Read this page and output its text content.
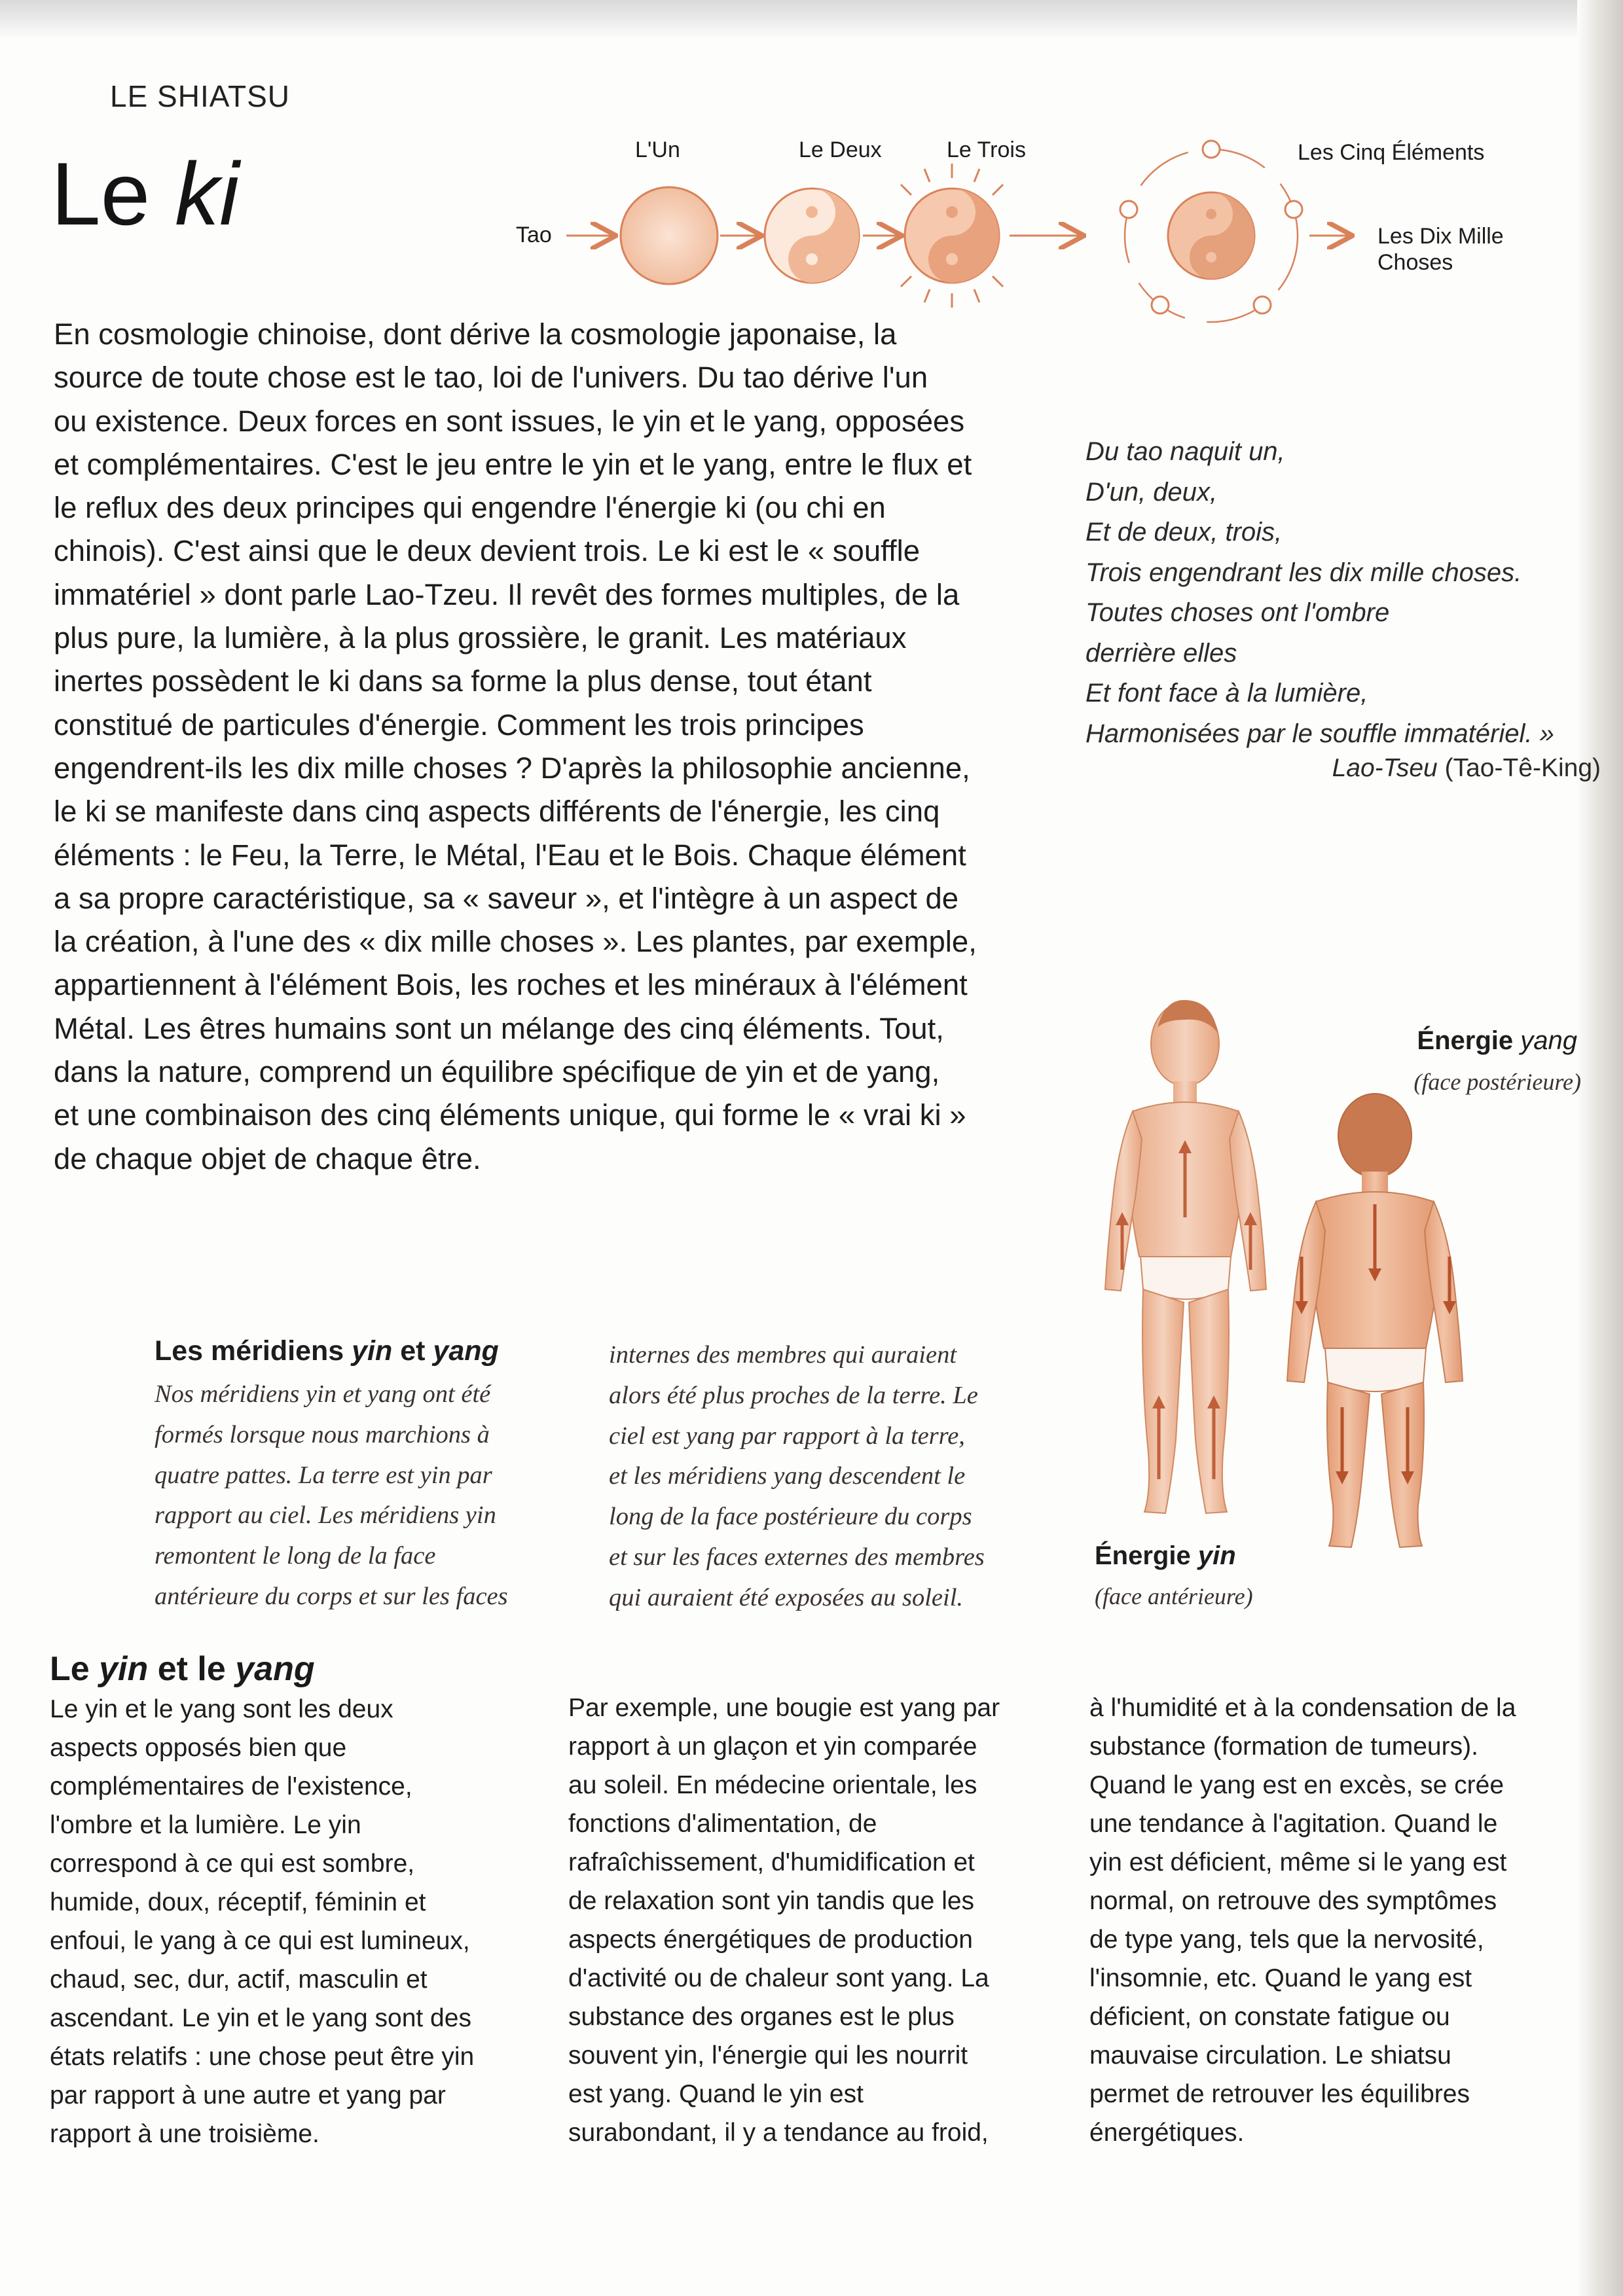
LE SHIATSU
Le ki	Tao
L'Un	Le Deux	Le Trois	Les Cinq Éléments
Les Dix Mille
Choses
En cosmologie chinoise, dont dérive la cosmologie japonaise, la
source de toute chose est le tao, loi de l'univers. Du tao dérive l'un
ou existence. Deux forces en sont issues, le yin et le yang, opposées
et complémentaires. C'est le jeu entre le yin et le yang, entre le flux et
le reflux des deux principes qui engendre l'énergie ki (ou chi en
chinois). C'est ainsi que le deux devient trois. Le ki est le « souffle
immatériel » dont parle Lao-Tzeu. Il revêt des formes multiples, de la
plus pure, la lumière, à la plus grossière, le granit. Les matériaux
inertes possèdent le ki dans sa forme la plus dense, tout étant
constitué de particules d'énergie. Comment les trois principes
engendrent-ils les dix mille choses ? D'après la philosophie ancienne,
le ki se manifeste dans cinq aspects différents de l'énergie, les cinq
éléments : le Feu, la Terre, le Métal, l'Eau et le Bois. Chaque élément
a sa propre caractéristique, sa « saveur », et l'intègre à un aspect de
la création, à l'une des « dix mille choses ». Les plantes, par exemple,
appartiennent à l'élément Bois, les roches et les minéraux à l'élément
Métal. Les êtres humains sont un mélange des cinq éléments. Tout,
dans la nature, comprend un équilibre spécifique de yin et de yang,
et une combinaison des cinq éléments unique, qui forme le « vrai ki »
de chaque objet de chaque être.
Du tao naquit un,
D'un, deux,
Et de deux, trois,
Trois engendrant les dix mille choses.
Toutes choses ont l'ombre
derrière elles
Et font face à la lumière,
Harmonisées par le souffle immatériel. »
Lao-Tseu (Tao-Tê-King)
Énergie yang
(face postérieure)
Énergie yin
(face antérieure)
Les méridiens yin et yang
Nos méridiens yin et yang ont été
formés lorsque nous marchions à
quatre pattes. La terre est yin par
rapport au ciel. Les méridiens yin
remontent le long de la face
antérieure du corps et sur les faces
internes des membres qui auraient
alors été plus proches de la terre. Le
ciel est yang par rapport à la terre,
et les méridiens yang descendent le
long de la face postérieure du corps
et sur les faces externes des membres
qui auraient été exposées au soleil.
Le yin et le yang
Le yin et le yang sont les deux
aspects opposés bien que
complémentaires de l'existence,
l'ombre et la lumière. Le yin
correspond à ce qui est sombre,
humide, doux, réceptif, féminin et
enfoui, le yang à ce qui est lumineux,
chaud, sec, dur, actif, masculin et
ascendant. Le yin et le yang sont des
états relatifs : une chose peut être yin
par rapport à une autre et yang par
rapport à une troisième.
Par exemple, une bougie est yang par
rapport à un glaçon et yin comparée
au soleil. En médecine orientale, les
fonctions d'alimentation, de
rafraîchissement, d'humidification et
de relaxation sont yin tandis que les
aspects énergétiques de production
d'activité ou de chaleur sont yang. La
substance des organes est le plus
souvent yin, l'énergie qui les nourrit
est yang. Quand le yin est
surabondant, il y a tendance au froid,
à l'humidité et à la condensation de la
substance (formation de tumeurs).
Quand le yang est en excès, se crée
une tendance à l'agitation. Quand le
yin est déficient, même si le yang est
normal, on retrouve des symptômes
de type yang, tels que la nervosité,
l'insomnie, etc. Quand le yang est
déficient, on constate fatigue ou
mauvaise circulation. Le shiatsu
permet de retrouver les équilibres
énergétiques.
